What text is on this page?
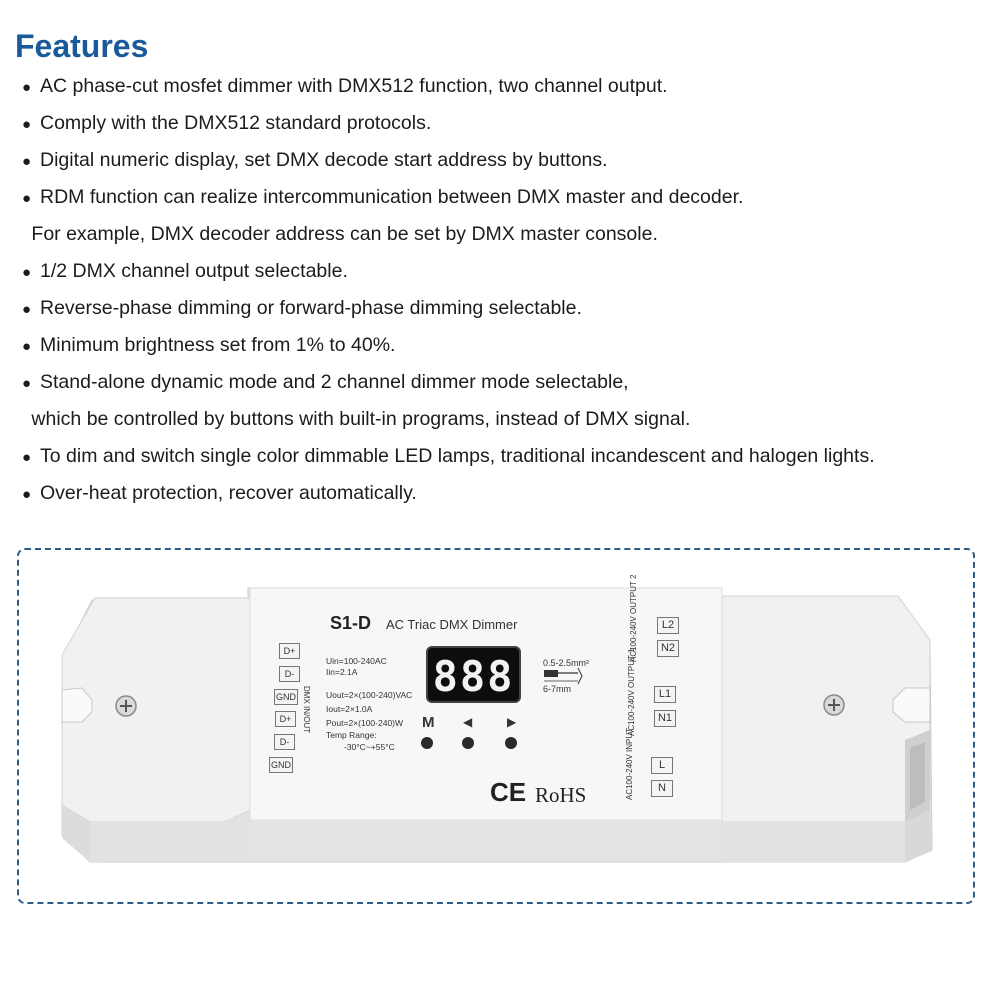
Features
● AC phase-cut mosfet dimmer with DMX512 function, two channel output.
● Comply with the DMX512 standard protocols.
● Digital numeric display, set DMX decode start address by buttons.
● RDM function can realize intercommunication between DMX master and decoder.
For example, DMX decoder address can be set by DMX master console.
● 1/2 DMX channel output selectable.
● Reverse-phase dimming or forward-phase dimming selectable.
● Minimum brightness set from 1% to 40%.
● Stand-alone dynamic mode and 2 channel dimmer mode selectable,
which be controlled by buttons with built-in programs, instead of DMX signal.
● To dim and switch single color dimmable LED lamps, traditional incandescent and halogen lights.
● Over-heat protection, recover automatically.
S1-D AC Triac DMX Dimmer
Uin=100-240AC
Iin=2.1A
Uout=2×(100-240)VAC
Iout=2×1.0A
Pout=2×(100-240)W
Temp Range:
-30°C~+55°C
888
M ◀	▶
0.5-2.5mm²
6-7mm
CE RoHS
D+
D-
GND
D+
D-
GND
DMX IN/OUT
AC100-240V OUTPUT 2	L2
N2
AC100-240V OUTPUT 1	L1
N1
AC100-240V INPUT	L
N
